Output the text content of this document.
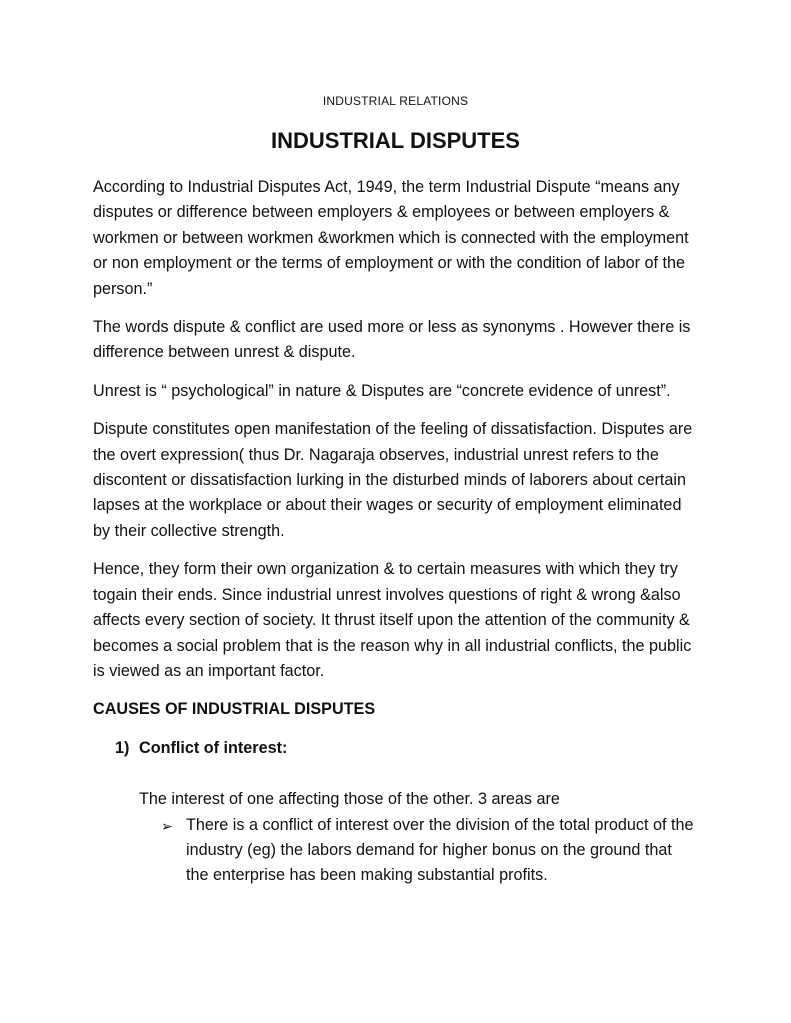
INDUSTRIAL RELATIONS
INDUSTRIAL DISPUTES

According to Industrial Disputes Act, 1949, the term Industrial Dispute “means any disputes or difference between employers & employees or between employers & workmen or between workmen &workmen which is connected with the employment or non employment or the terms of employment or with the condition of labor of the person.”

The words dispute & conflict are used more or less as synonyms . However there is difference between unrest & dispute.

Unrest is “ psychological” in nature & Disputes are “concrete evidence of unrest”.

Dispute constitutes open manifestation of the feeling of dissatisfaction. Disputes are the overt expression( thus Dr. Nagaraja observes, industrial unrest refers to the discontent or dissatisfaction lurking in the disturbed minds of laborers about certain lapses at the workplace or about their wages or security of employment eliminated by their collective strength.

Hence, they form their own organization & to certain measures with which they try togain their ends. Since industrial unrest involves questions of right & wrong &also affects every section of society. It thrust itself upon the attention of the community & becomes a social problem that is the reason why in all industrial conflicts, the public is viewed as an important factor.

CAUSES OF INDUSTRIAL DISPUTES
1) Conflict of interest:

The interest of one affecting those of the other. 3 areas are

➢ There is a conflict of interest over the division of the total product of the industry (eg) the labors demand for higher bonus on the ground that the enterprise has been making substantial profits.
